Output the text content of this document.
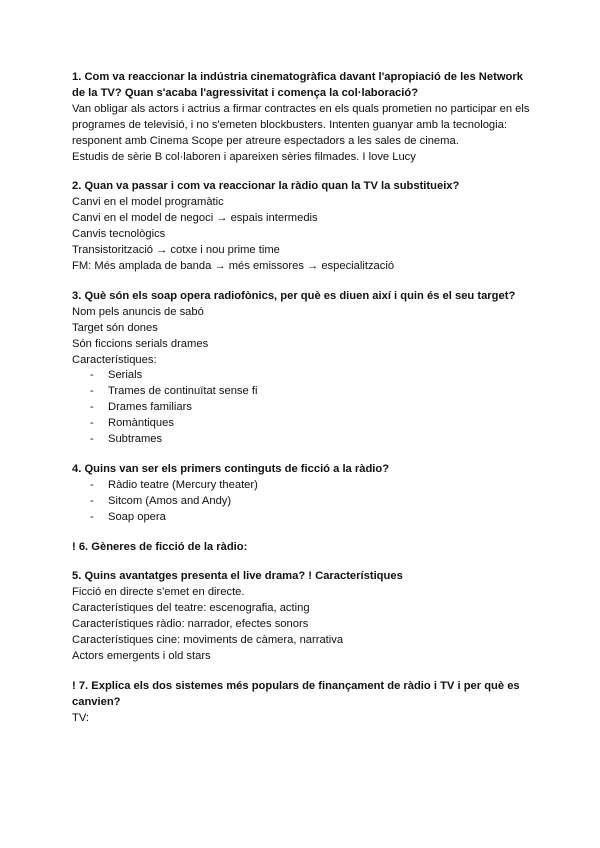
1. Com va reaccionar la indústria cinematogràfica davant l'apropiació de les Network de la TV? Quan s'acaba l'agressivitat i comença la col·laboració?

Van obligar als actors i actrius a firmar contractes en els quals prometien no participar en els programes de televisió, i no s'emeten blockbusters. Intenten guanyar amb la tecnologia: responent amb Cinema Scope per atreure espectadors a les sales de cinema.

Estudis de sèrie B col·laboren i apareixen sèries filmades. I love Lucy

2. Quan va passar i com va reaccionar la ràdio quan la TV la substitueix?

Canvi en el model programàtic

Canvi en el model de negoci → espais intermedis

Canvis tecnològics

Transistorització → cotxe i nou prime time

FM: Més amplada de banda → més emissores → especialització

3. Què són els soap opera radiofònics, per què es diuen així i quin és el seu target?

Nom pels anuncis de sabó

Target són dones

Són ficcions serials drames

Característiques:

- Serials
- Trames de continuïtat sense fi
- Drames familiars
- Romàntiques
- Subtrames

4. Quins van ser els primers continguts de ficció a la ràdio?

- Ràdio teatre (Mercury theater)
- Sitcom (Amos and Andy)
- Soap opera

! 6. Gèneres de ficció de la ràdio:

5. Quins avantatges presenta el live drama? ! Característiques

Ficció en directe s'emet en directe.

Característiques del teatre: escenografia, acting

Característiques ràdio: narrador, efectes sonors

Característiques cine: moviments de càmera, narrativa

Actors emergents i old stars

! 7. Explica els dos sistemes més populars de finançament de ràdio i TV i per què es canvien?

TV:
